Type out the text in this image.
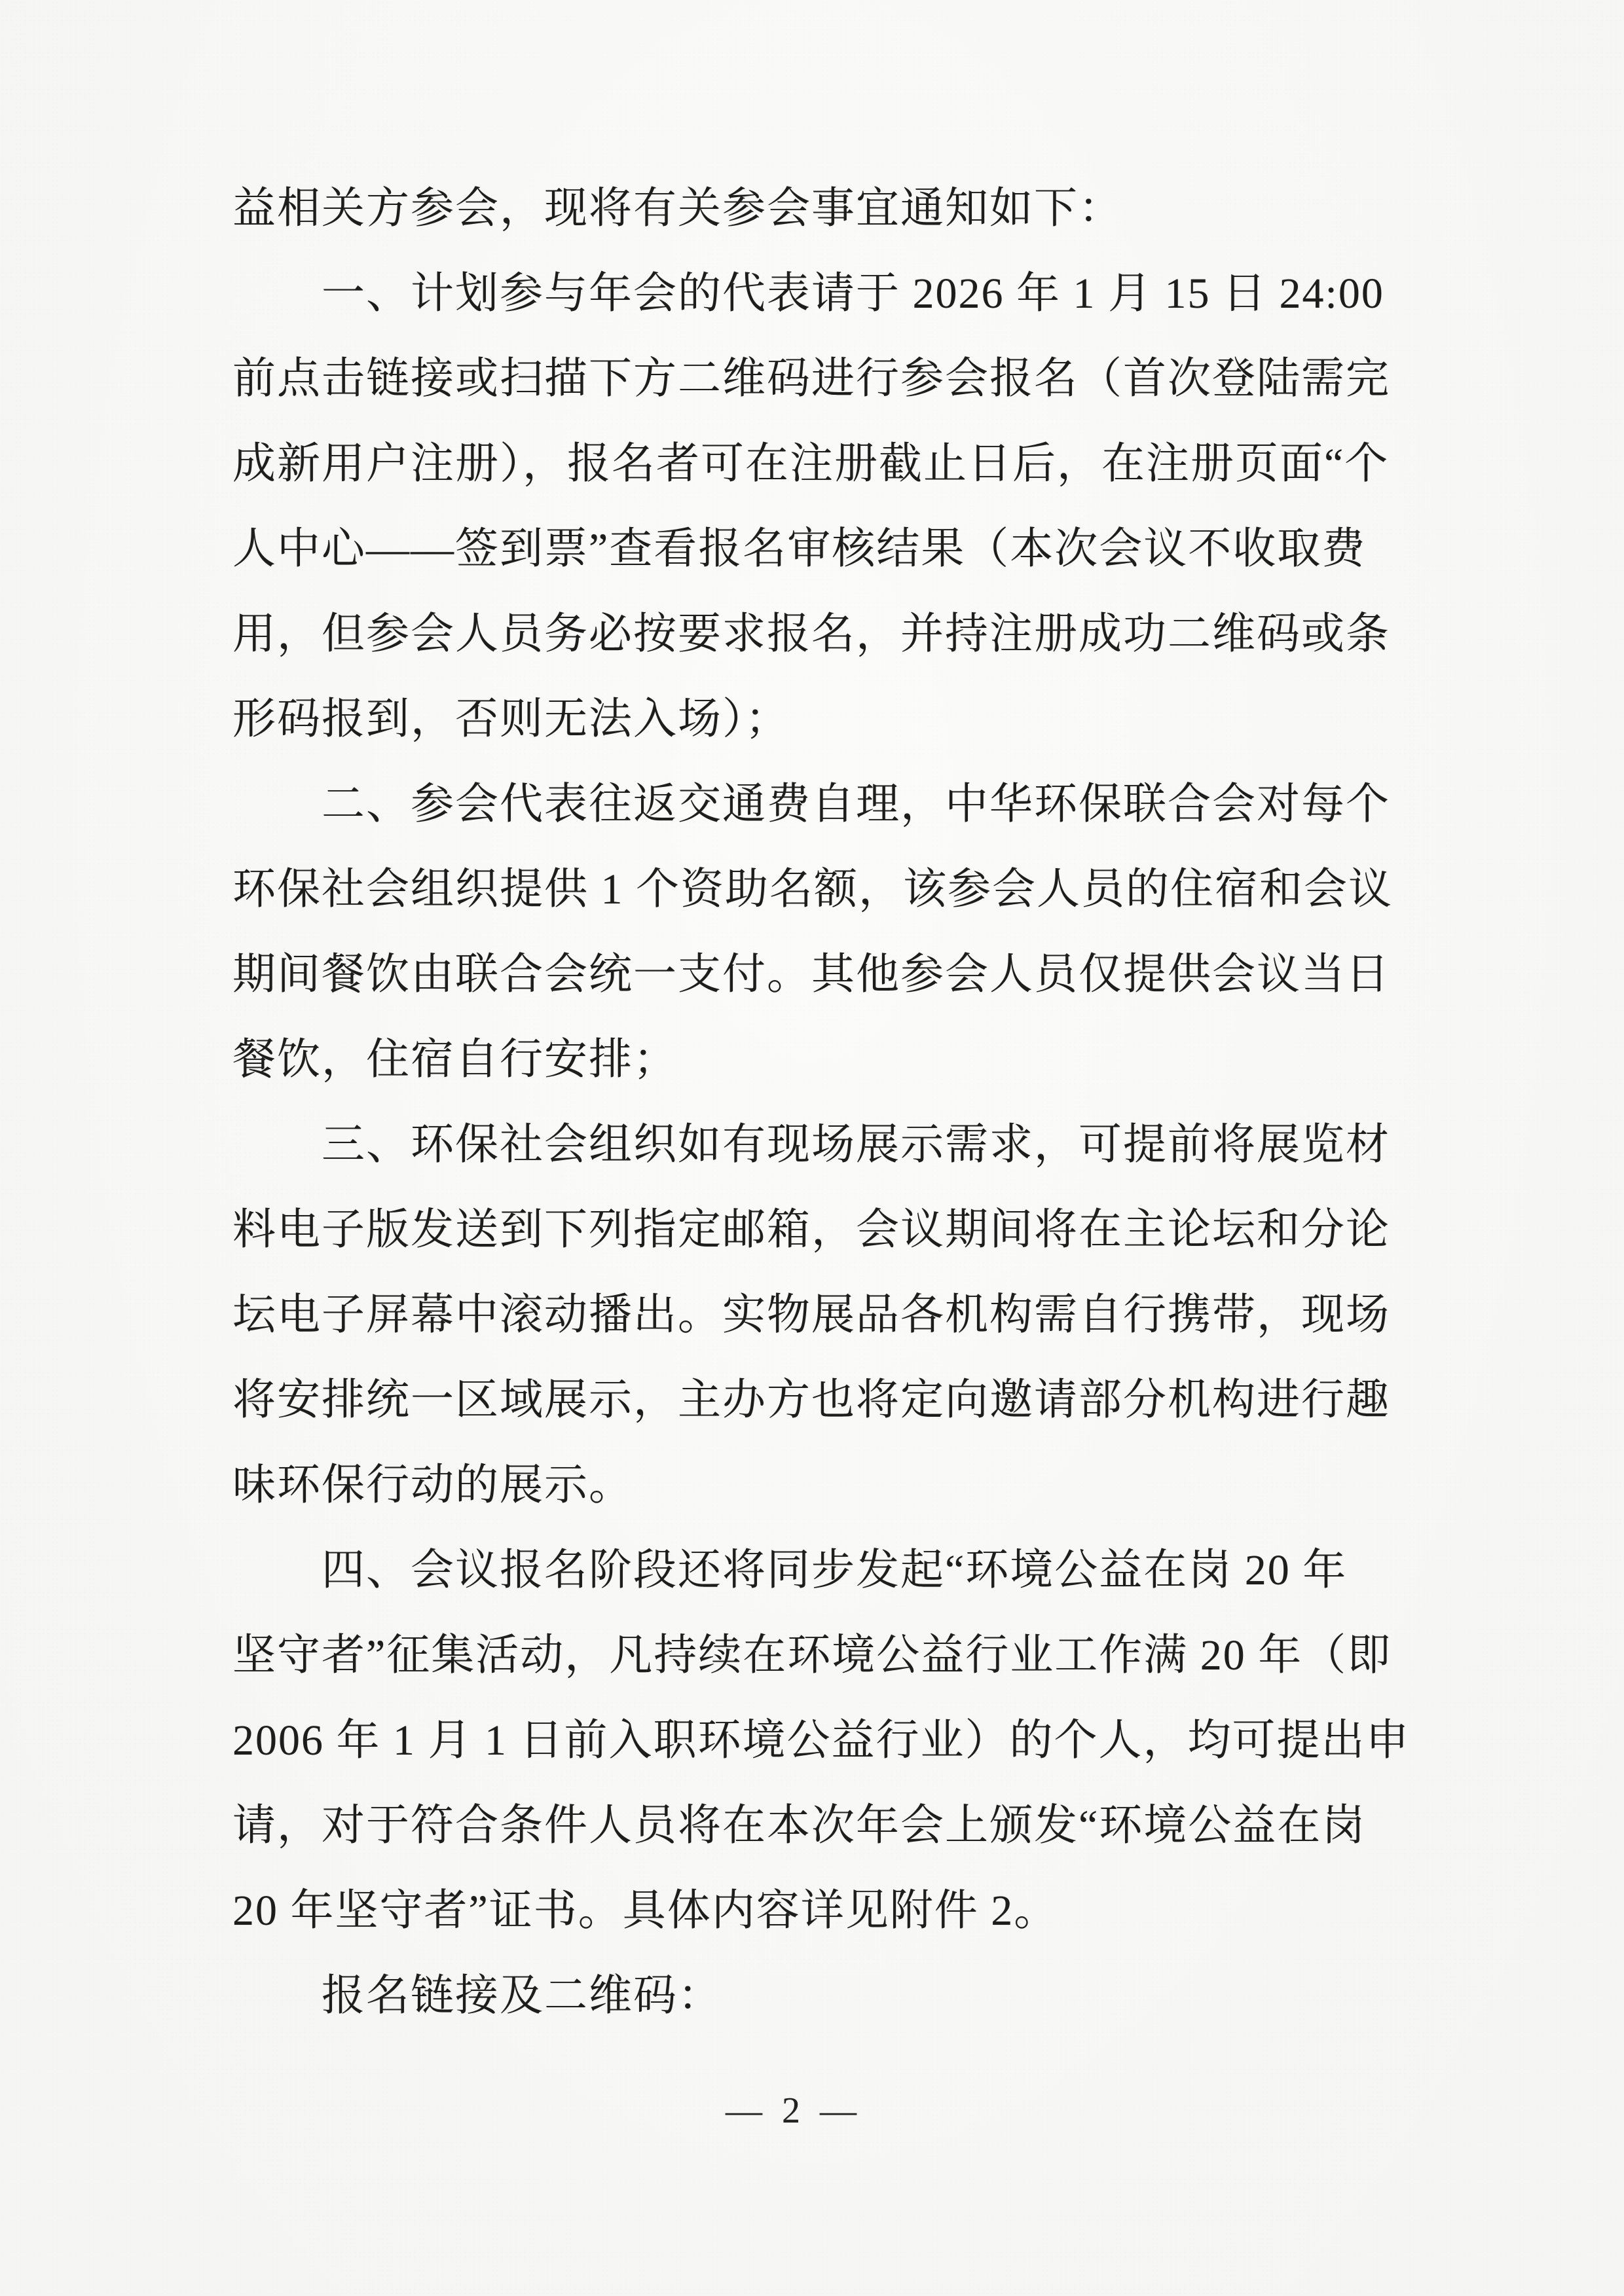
益相关方参会，现将有关参会事宜通知如下：
一、计划参与年会的代表请于 2026 年 1 月 15 日 24:00
前点击链接或扫描下方二维码进行参会报名（首次登陆需完
成新用户注册），报名者可在注册截止日后，在注册页面“个
人中心——签到票”查看报名审核结果（本次会议不收取费
用，但参会人员务必按要求报名，并持注册成功二维码或条
形码报到，否则无法入场）；
二、参会代表往返交通费自理，中华环保联合会对每个
环保社会组织提供 1 个资助名额，该参会人员的住宿和会议
期间餐饮由联合会统一支付。其他参会人员仅提供会议当日
餐饮，住宿自行安排；
三、环保社会组织如有现场展示需求，可提前将展览材
料电子版发送到下列指定邮箱，会议期间将在主论坛和分论
坛电子屏幕中滚动播出。实物展品各机构需自行携带，现场
将安排统一区域展示，主办方也将定向邀请部分机构进行趣
味环保行动的展示。
四、会议报名阶段还将同步发起“环境公益在岗 20 年
坚守者”征集活动，凡持续在环境公益行业工作满 20 年（即
2006 年 1 月 1 日前入职环境公益行业）的个人，均可提出申
请，对于符合条件人员将在本次年会上颁发“环境公益在岗
20 年坚守者”证书。具体内容详见附件 2。
报名链接及二维码：
— 2 —
